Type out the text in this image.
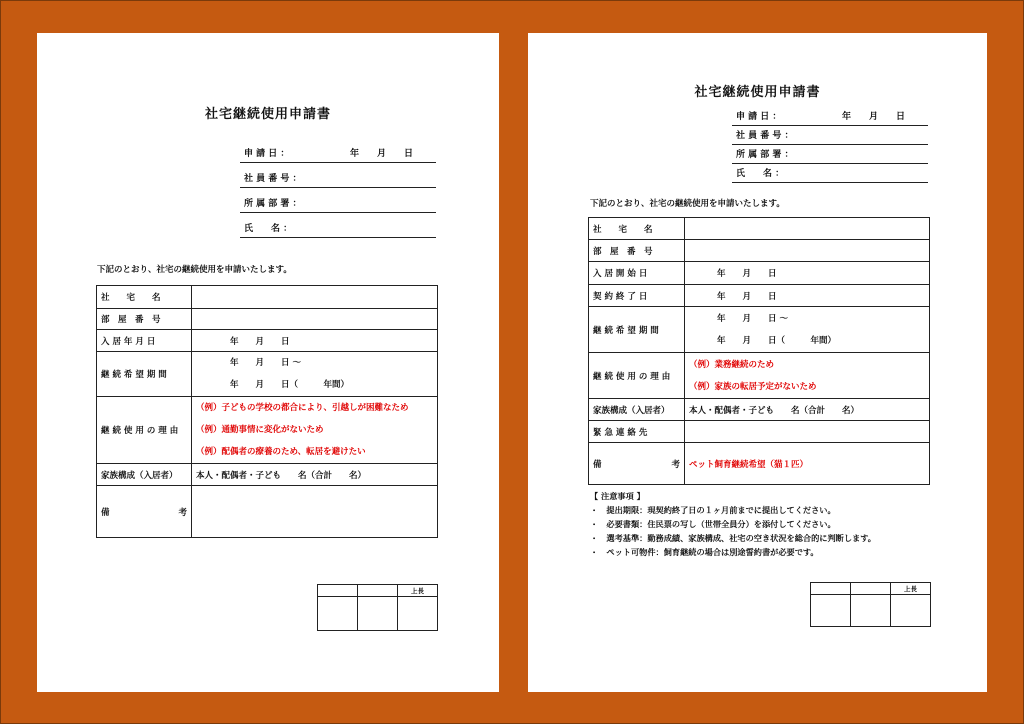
社宅継続使用申請書
申 請 日 ：	年　　月　　日
社 員 番 号 ：
所 属 部 署 ：
氏　　名 ：
下記のとおり、社宅の継続使用を申請いたします。
社　　宅　　名	
部　屋　番　号	
入 居 年 月 日	年　　月　　日
継 続 希 望 期 間	年　　月　　日 〜
年　　月　　日（　　　年間）

継 続 使 用 の 理 由	（例）子どもの学校の都合により、引越しが困難なため
（例）通勤事情に変化がないため
（例）配偶者の療養のため、転居を避けたい

家族構成（入居者）	本人・配偶者・子ども　　名（合計　　名）

備 考	

		上長

社宅継続使用申請書
申 請 日 ：	年　　月　　日
社 員 番 号 ：
所 属 部 署 ：
氏　　名 ：
下記のとおり、社宅の継続使用を申請いたします。
社　　宅　　名	
部　屋　番　号	
入 居 開 始 日	年　　月　　日
契 約 終 了 日	年　　月　　日
継 続 希 望 期 間	年　　月　　日 〜
年　　月　　日（　　　年間）

継 続 使 用 の 理 由	（例）業務継続のため
（例）家族の転居予定がないため

家族構成（入居者）	本人・配偶者・子ども　　名（合計　　名）
緊 急 連 絡 先	

備 考	ペット飼育継続希望（猫１匹）
【 注意事項 】
・　提出期限：現契約終了日の１ヶ月前までに提出してください。
・　必要書類：住民票の写し（世帯全員分）を添付してください。
・　選考基準：勤務成績、家族構成、社宅の空き状況を総合的に判断します。
・　ペット可物件：飼育継続の場合は別途誓約書が必要です。
		上長
